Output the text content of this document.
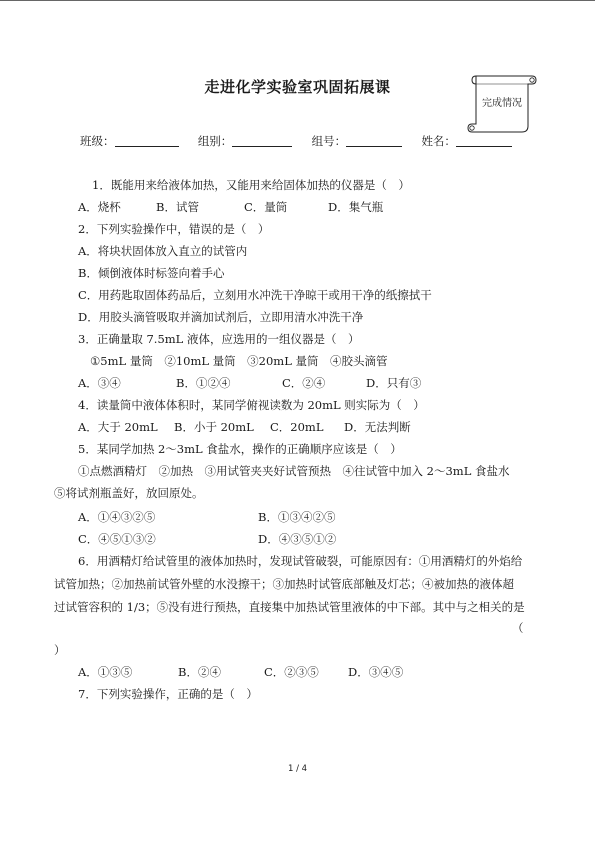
走进化学实验室巩固拓展课
完成情况
班级：	组别：	组号：	姓名：
1．既能用来给液体加热，又能用来给固体加热的仪器是（　）
A．烧杯	B．试管	C．量筒	D．集气瓶
2．下列实验操作中，错误的是（　）
A．将块状固体放入直立的试管内
B．倾倒液体时标签向着手心
C．用药匙取固体药品后，立刻用水冲洗干净晾干或用干净的纸擦拭干
D．用胶头滴管吸取并滴加试剂后，立即用清水冲洗干净
3．正确量取 7.5mL 液体，应选用的一组仪器是（　）
①5mL 量筒　②10mL 量筒　③20mL 量筒　④胶头滴管
A．③④	B．①②④	C．②④	D．只有③
4．读量筒中液体体积时，某同学俯视读数为 20mL 则实际为（　）
A．大于 20mL B．小于 20mL C．20mL D．无法判断
5．某同学加热 2～3mL 食盐水，操作的正确顺序应该是（　）
①点燃酒精灯　②加热　③用试管夹夹好试管预热　④往试管中加入 2～3mL 食盐水
⑤将试剂瓶盖好，放回原处。
A．①④③②⑤	B．①③④②⑤
C．④⑤①③②	D．④③⑤①②
6．用酒精灯给试管里的液体加热时，发现试管破裂，可能原因有：①用酒精灯的外焰给
试管加热；②加热前试管外壁的水没擦干；③加热时试管底部触及灯芯；④被加热的液体超
过试管容积的 1/3；⑤没有进行预热，直接集中加热试管里液体的中下部。其中与之相关的是
（
）
A．①③⑤	B．②④	C．②③⑤	D．③④⑤
7．下列实验操作，正确的是（　）
1 / 4
